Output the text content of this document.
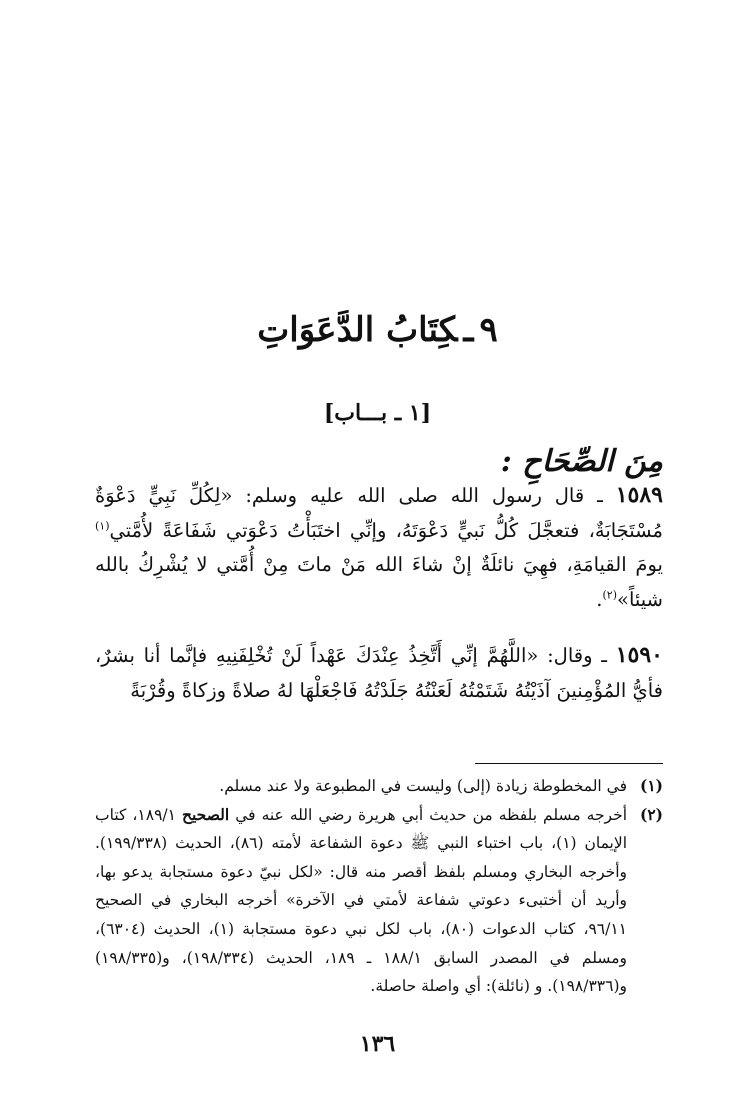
٩ـكِتَابُ الدَّعَوَاتِ
[١ ـ بـــاب]
مِنَ الصِّحَاحِ :
١٥٨٩ ـ قال رسول الله صلى الله عليه وسلم: «لِكُلِّ نَبِيٍّ دَعْوَةٌ مُسْتَجَابَةٌ، فتعجَّلَ كُلُّ نَبيٍّ دَعْوَتَهُ، وإنِّي اختَبَأْتُ دَعْوَتي شَفَاعَةً لأُمَّتي$^{(١)}$ يومَ القيامَةِ، فهِيَ نائلَةٌ إنْ شاءَ الله مَنْ ماتَ مِنْ أُمَّتي لا يُشْرِكُ بالله شيئاً»$^{(٢)}$.
١٥٩٠ ـ وقال: «اللَّهُمَّ إنِّي أَتَّخِذُ عِنْدَكَ عَهْداً لَنْ تُخْلِفَنِيهِ فإنَّما أنا بشرٌ، فأيُّ المُؤْمِنينَ آذَيْتُهُ شَتَمْتُهُ لَعَنْتُهُ جَلَدْتُهُ فَاجْعَلْهَا لهُ صلاةً وزكاةً وقُرْبَةً
(١)
في المخطوطة زيادة (إلى) وليست في المطبوعة ولا عند مسلم.
(٢)
أخرجه مسلم بلفظه من حديث أبي هريرة رضي الله عنه في الصحيح ١٨٩/١، كتاب الإيمان (١)، باب اختباء النبي ﷺ دعوة الشفاعة لأمته (٨٦)، الحديث (١٩٩/٣٣٨). وأخرجه البخاري ومسلم بلفظ أقصر منه قال: «لكل نبيّ دعوة مستجابة يدعو بها، وأريد أن أختبىء دعوتي شفاعة لأمتي في الآخرة» أخرجه البخاري في الصحيح ٩٦/١١، كتاب الدعوات (٨٠)، باب لكل نبي دعوة مستجابة (١)، الحديث (٦٣٠٤)، ومسلم في المصدر السابق ١٨٨/١ ـ ١٨٩، الحديث (١٩٨/٣٣٤)، و(١٩٨/٣٣٥) و(١٩٨/٣٣٦). و (نائلة): أي واصلة حاصلة.
١٣٦
